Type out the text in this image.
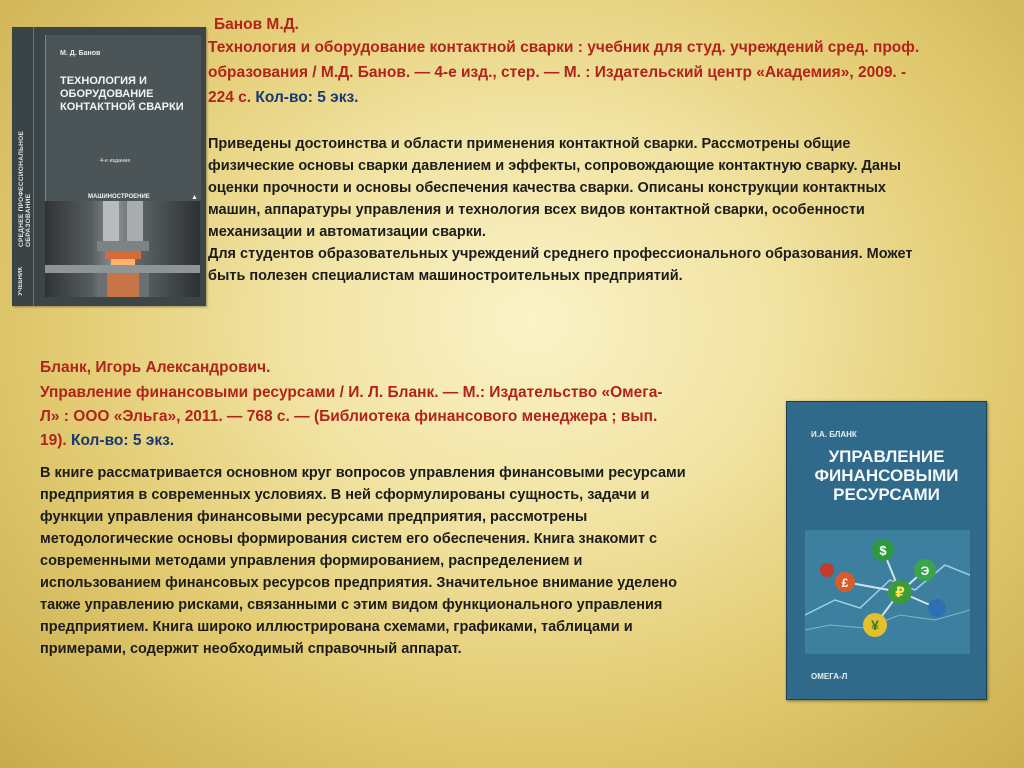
СРЕДНЕЕ ПРОФЕССИОНАЛЬНОЕ ОБРАЗОВАНИЕ
УЧЕБНИК
М. Д. Банов
ТЕХНОЛОГИЯ И ОБОРУДОВАНИЕ КОНТАКТНОЙ СВАРКИ
4-е издание
МАШИНОСТРОЕНИЕ	▲
Банов М.Д.
Технология и оборудование контактной сварки : учебник для студ. учреждений сред. проф.
образования / М.Д. Банов. — 4-е изд., стер. — М. : Издательский центр «Академия», 2009. -
224 с. Кол-во: 5 экз.
Приведены достоинства и области применения контактной сварки. Рассмотрены общие
физические основы сварки давлением и эффекты, сопровождающие контактную сварку. Даны
оценки прочности и основы обеспечения качества сварки. Описаны конструкции контактных
машин, аппаратуры управления и технология всех видов контактной сварки, особенности
механизации и автоматизации сварки.
Для студентов образовательных учреждений среднего профессионального образования. Может
быть полезен специалистам машиностроительных предприятий.
Бланк, Игорь Александрович.
Управление финансовыми ресурсами / И. Л. Бланк. — М.: Издательство «Омега-
Л» : ООО «Эльга», 2011. — 768 с. — (Библиотека финансового менеджера ; вып.
19). Кол-во: 5 экз.
В книге рассматривается основном круг вопросов управления финансовыми ресурсами
предприятия в современных условиях. В ней сформулированы сущность, задачи и
функции управления финансовыми ресурсами предприятия, рассмотрены
методологические основы формирования систем его обеспечения. Книга знакомит с
современными методами управления формированием, распределением и
использованием финансовых ресурсов предприятия. Значительное внимание уделено
также управлению рисками, связанными с этим видом функционального управления
предприятием. Книга широко иллюстрирована схемами, графиками, таблицами и
примерами, содержит необходимый справочный аппарат.
И.А. БЛАНК
УПРАВЛЕНИЕ ФИНАНСОВЫМИ РЕСУРСАМИ
$
£
₽
¥
Э
ОМЕГА-Л
